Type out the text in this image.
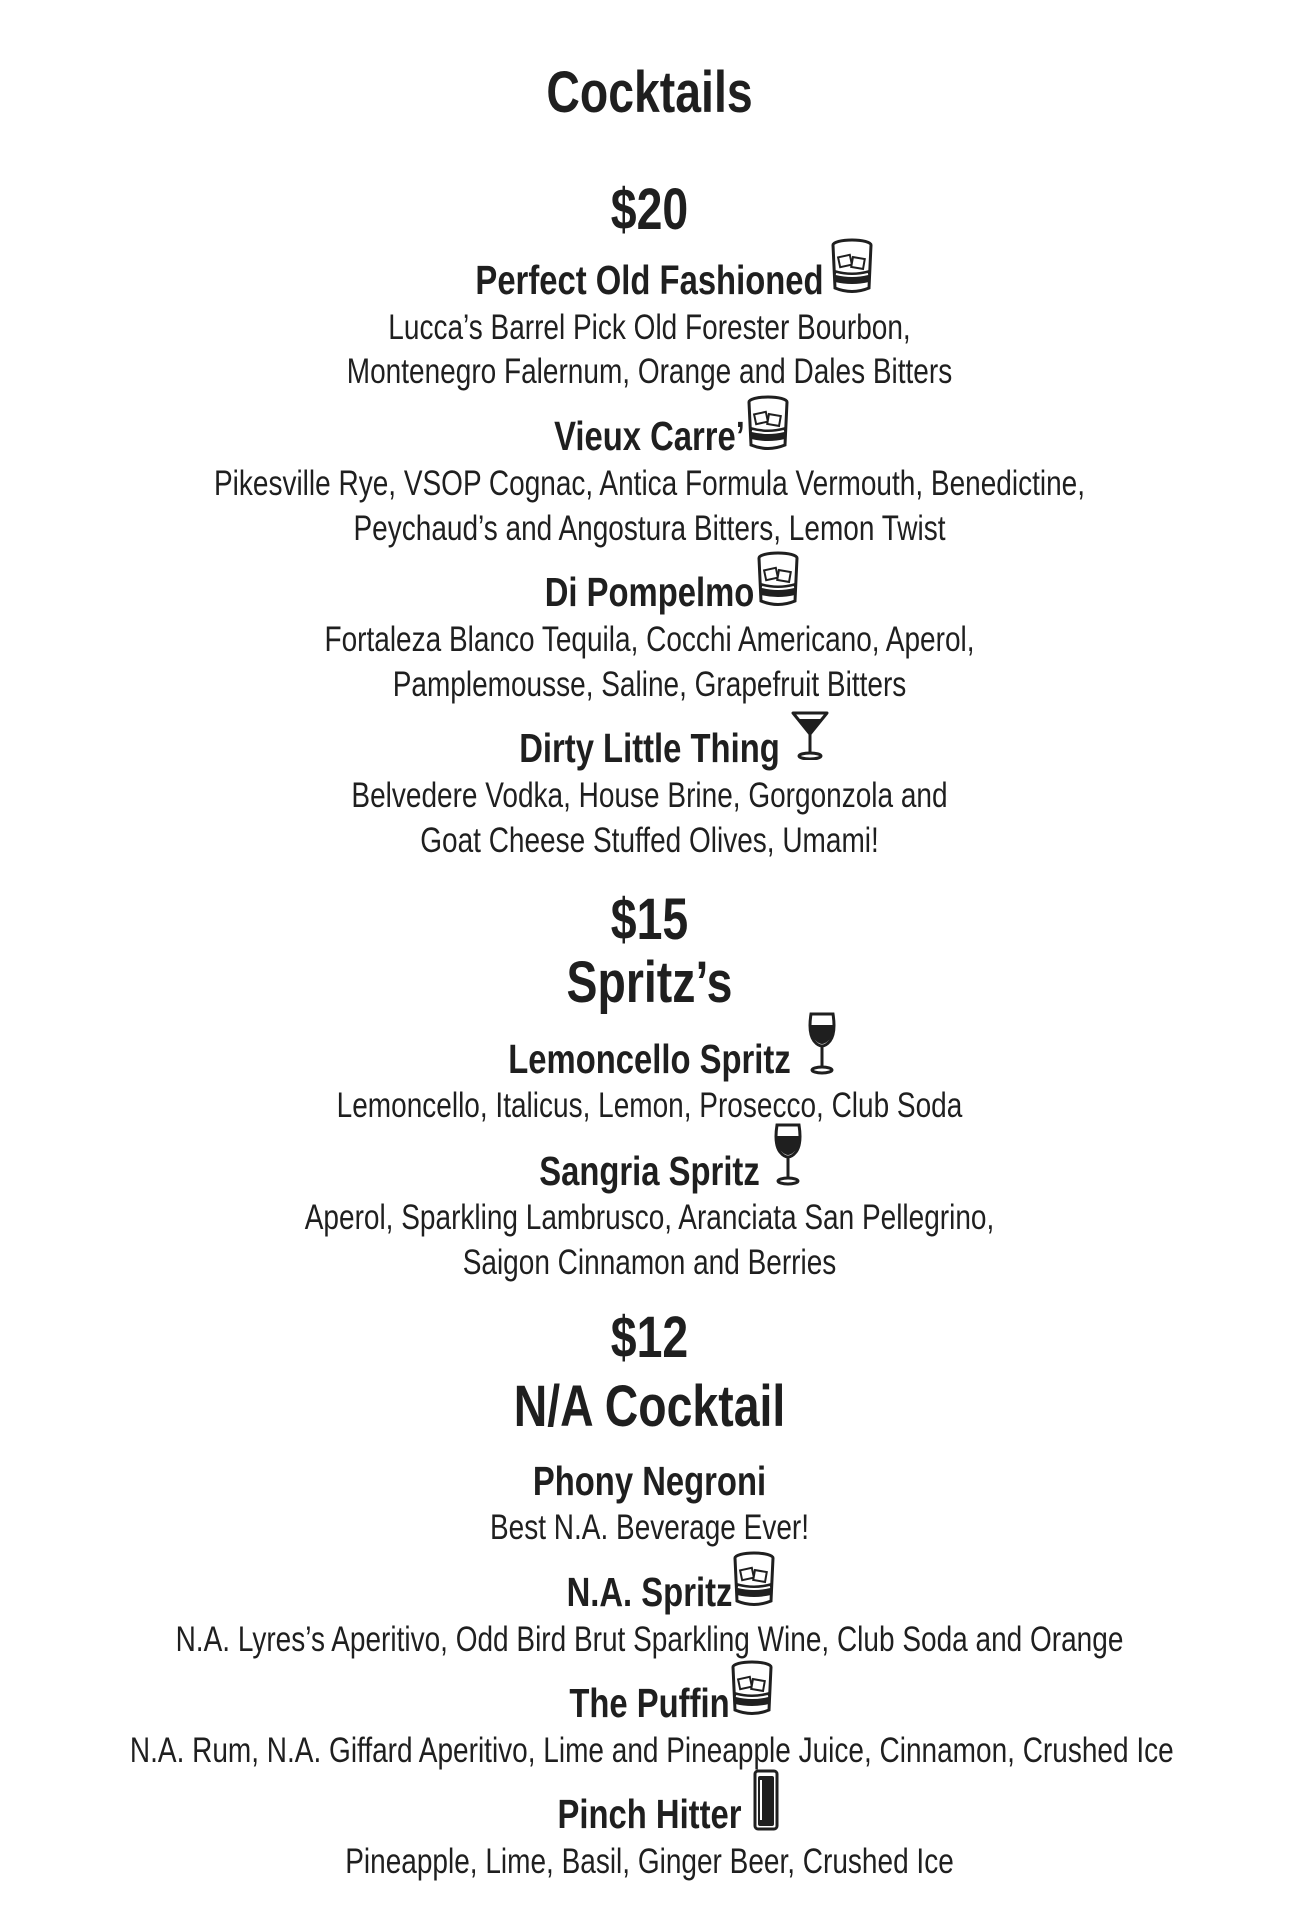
Cocktails
$20
Perfect Old Fashioned
Lucca’s Barrel Pick Old Forester Bourbon,
Montenegro Falernum, Orange and Dales Bitters
Vieux Carre’
Pikesville Rye, VSOP Cognac, Antica Formula Vermouth, Benedictine,
Peychaud’s and Angostura Bitters, Lemon Twist
Di Pompelmo
Fortaleza Blanco Tequila, Cocchi Americano, Aperol,
Pamplemousse, Saline, Grapefruit Bitters
Dirty Little Thing
Belvedere Vodka, House Brine, Gorgonzola and
Goat Cheese Stuffed Olives, Umami!
$15
Spritz’s
Lemoncello Spritz
Lemoncello, Italicus, Lemon, Prosecco, Club Soda
Sangria Spritz
Aperol, Sparkling Lambrusco, Aranciata San Pellegrino,
Saigon Cinnamon and Berries
$12
N/A Cocktail
Phony Negroni
Best N.A. Beverage Ever!
N.A. Spritz
N.A. Lyres’s Aperitivo, Odd Bird Brut Sparkling Wine, Club Soda and Orange
The Puffin
N.A. Rum, N.A. Giffard Aperitivo, Lime and Pineapple Juice, Cinnamon, Crushed Ice
Pinch Hitter
Pineapple, Lime, Basil, Ginger Beer, Crushed Ice
